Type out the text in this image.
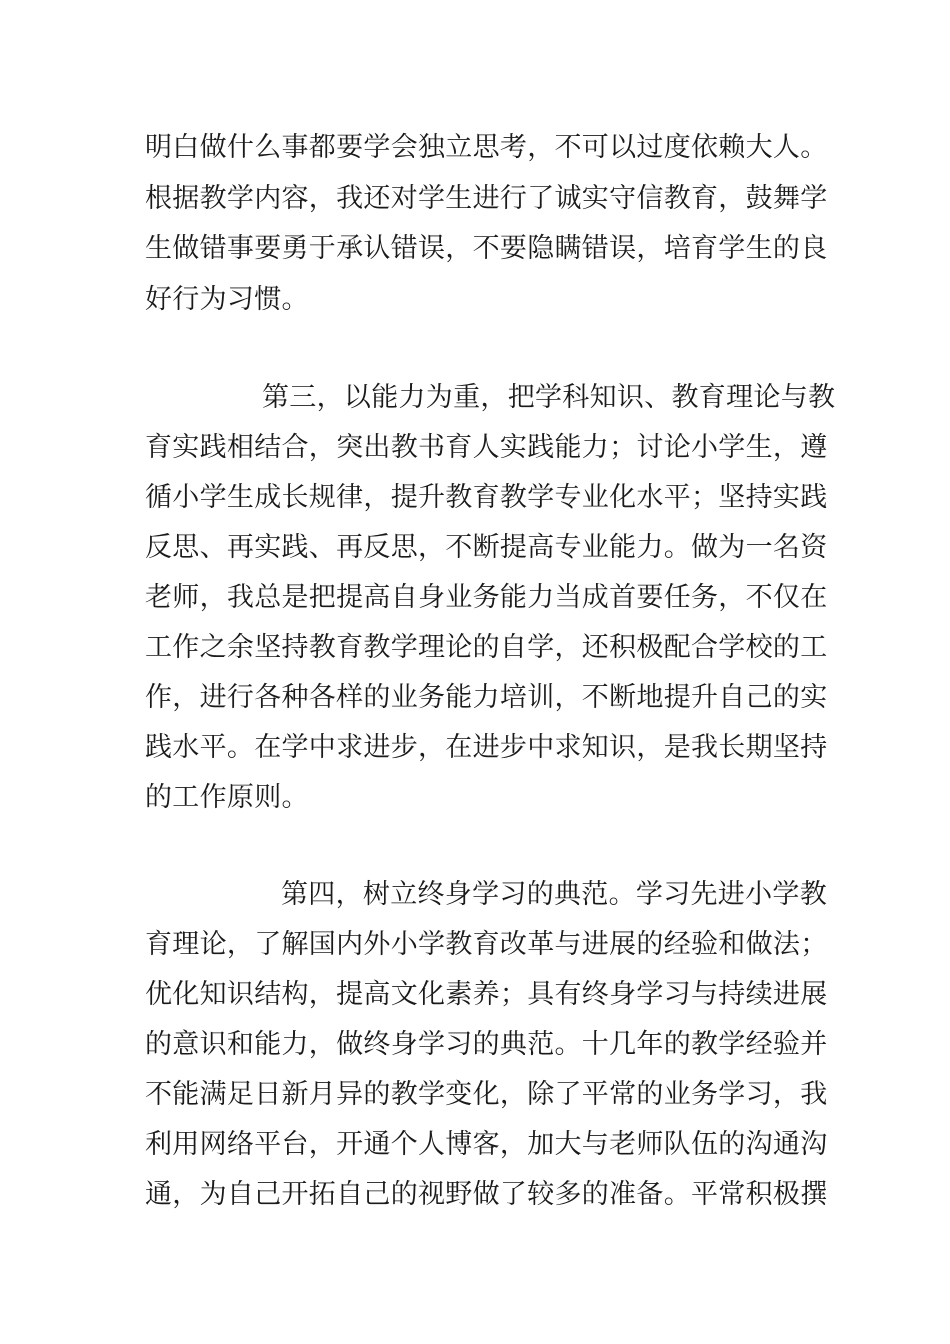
明白做什么事都要学会独立思考，不可以过度依赖大人。
根据教学内容，我还对学生进行了诚实守信教育，鼓舞学
生做错事要勇于承认错误，不要隐瞒错误，培育学生的良
好行为习惯。
第三，以能力为重，把学科知识、教育理论与教
育实践相结合，突出教书育人实践能力；讨论小学生，遵
循小学生成长规律，提升教育教学专业化水平；坚持实践
反思、再实践、再反思，不断提高专业能力。做为一名资
老师，我总是把提高自身业务能力当成首要任务，不仅在
工作之余坚持教育教学理论的自学，还积极配合学校的工
作，进行各种各样的业务能力培训，不断地提升自己的实
践水平。在学中求进步，在进步中求知识，是我长期坚持
的工作原则。
第四，树立终身学习的典范。学习先进小学教
育理论，了解国内外小学教育改革与进展的经验和做法；
优化知识结构，提高文化素养；具有终身学习与持续进展
的意识和能力，做终身学习的典范。十几年的教学经验并
不能满足日新月异的教学变化，除了平常的业务学习，我
利用网络平台，开通个人博客，加大与老师队伍的沟通沟
通，为自己开拓自己的视野做了较多的准备。平常积极撰
